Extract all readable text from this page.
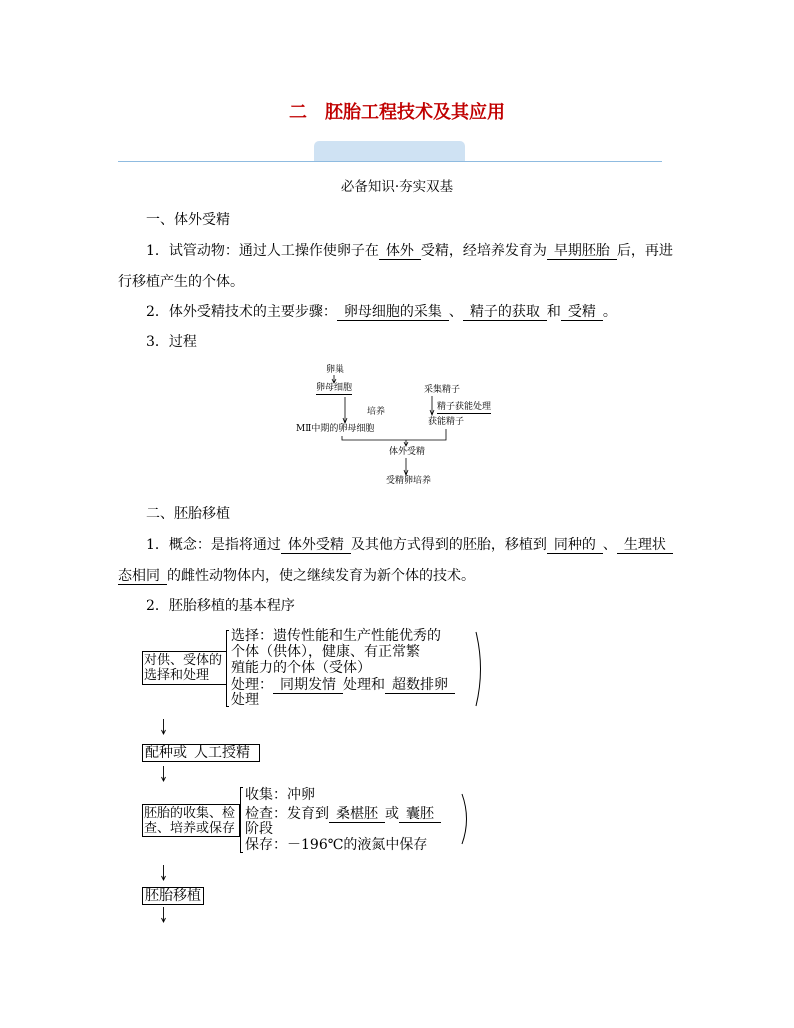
二 胚胎工程技术及其应用
必备知识·夯实双基
一、体外受精
1．试管动物：通过人工操作使卵子在 体外 受精，经培养发育为 早期胚胎 后，再进
行移植产生的个体。
2．体外受精技术的主要步骤： 卵母细胞的采集 、 精子的获取 和 受精 。
3．过程
卵巢
卵母细胞
培养
MⅡ中期的卵母细胞
采集精子
精子获能处理
获能精子
体外受精
受精卵培养
二、胚胎移植
1．概念：是指将通过 体外受精 及其他方式得到的胚胎，移植到 同种的 、 生理状
态相同 的雌性动物体内，使之继续发育为新个体的技术。
2．胚胎移植的基本程序
对供、受体的
选择和处理
选择：遗传性能和生产性能优秀的
个体（供体），健康、有正常繁
殖能力的个体（受体）
处理： 同期发情 处理和 超数排卵
处理
配种或 人工授精
胚胎的收集、检
查、培养或保存
收集：冲卵
检查：发育到 桑椹胚 或 囊胚
阶段
保存：－196℃的液氮中保存
胚胎移植
